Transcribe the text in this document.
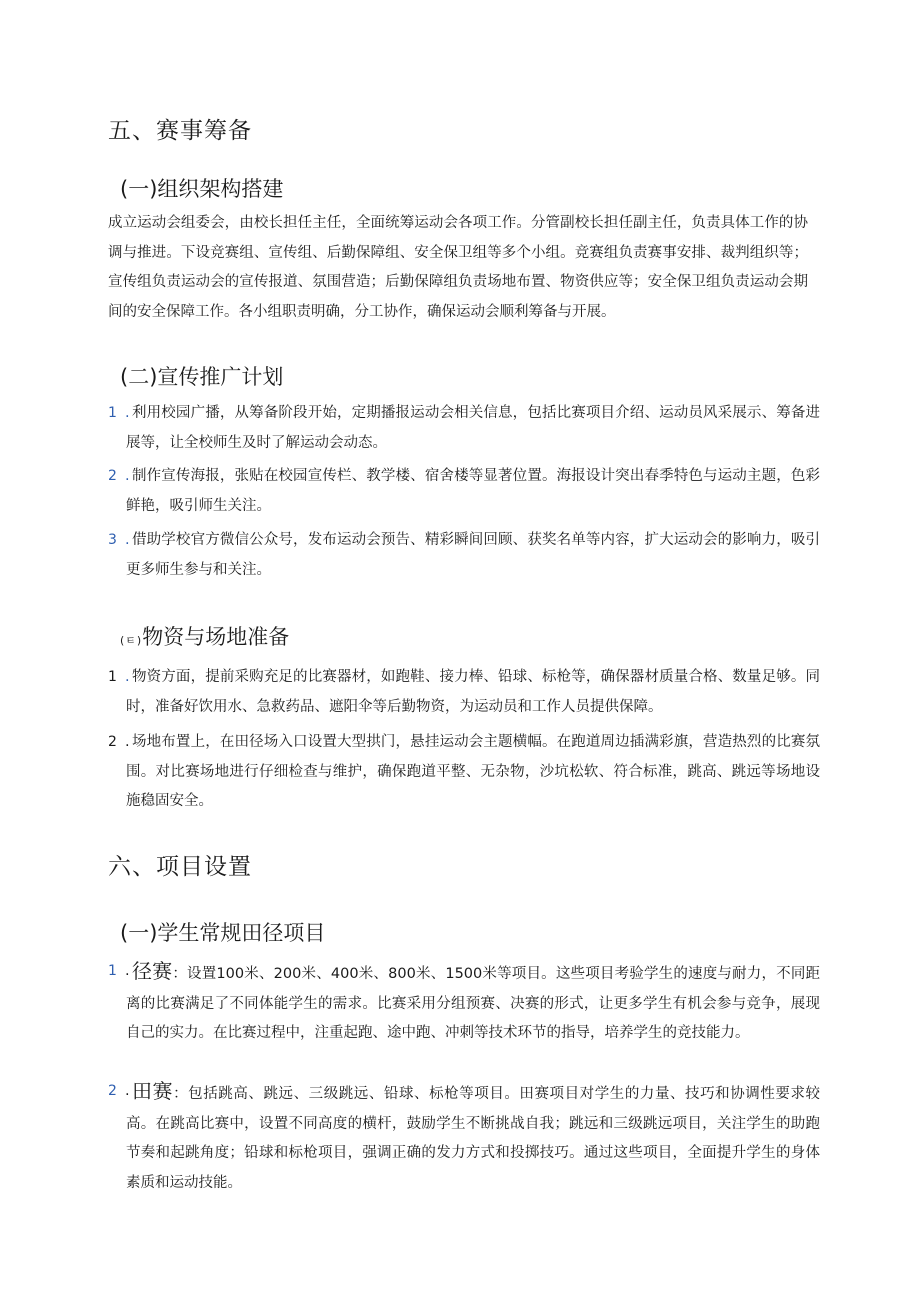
五、赛事筹备
(一)组织架构搭建

成立运动会组委会，由校长担任主任，全面统筹运动会各项工作。分管副校长担任副主任，负责具体工作的协调与推进。下设竞赛组、宣传组、后勤保障组、安全保卫组等多个小组。竞赛组负责赛事安排、裁判组织等；宣传组负责运动会的宣传报道、氛围营造；后勤保障组负责场地布置、物资供应等；安全保卫组负责运动会期间的安全保障工作。各小组职责明确，分工协作，确保运动会顺利筹备与开展。

(二)宣传推广计划
1 . 利用校园广播，从筹备阶段开始，定期播报运动会相关信息，包括比赛项目介绍、运动员风采展示、筹备进展等，让全校师生及时了解运动会动态。

2 . 制作宣传海报，张贴在校园宣传栏、教学楼、宿舍楼等显著位置。海报设计突出春季特色与运动主题，色彩鲜艳，吸引师生关注。

3 . 借助学校官方微信公众号，发布运动会预告、精彩瞬间回顾、获奖名单等内容，扩大运动会的影响力，吸引更多师生参与和关注。

(ㅌ)物资与场地准备
1 . 物资方面，提前采购充足的比赛器材，如跑鞋、接力棒、铅球、标枪等，确保器材质量合格、数量足够。同时，准备好饮用水、急救药品、遮阳伞等后勤物资，为运动员和工作人员提供保障。

2 . 场地布置上，在田径场入口设置大型拱门，悬挂运动会主题横幅。在跑道周边插满彩旗，营造热烈的比赛氛围。对比赛场地进行仔细检查与维护，确保跑道平整、无杂物，沙坑松软、符合标准，跳高、跳远等场地设施稳固安全。

六、项目设置
(一)学生常规田径项目
1 . 径赛：设置100米、200米、400米、800米、1500米等项目。这些项目考验学生的速度与耐力，不同距离的比赛满足了不同体能学生的需求。比赛采用分组预赛、决赛的形式，让更多学生有机会参与竞争，展现自己的实力。在比赛过程中，注重起跑、途中跑、冲刺等技术环节的指导，培养学生的竞技能力。

2 . 田赛：包括跳高、跳远、三级跳远、铅球、标枪等项目。田赛项目对学生的力量、技巧和协调性要求较高。在跳高比赛中，设置不同高度的横杆，鼓励学生不断挑战自我；跳远和三级跳远项目，关注学生的助跑节奏和起跳角度；铅球和标枪项目，强调正确的发力方式和投掷技巧。通过这些项目，全面提升学生的身体素质和运动技能。
